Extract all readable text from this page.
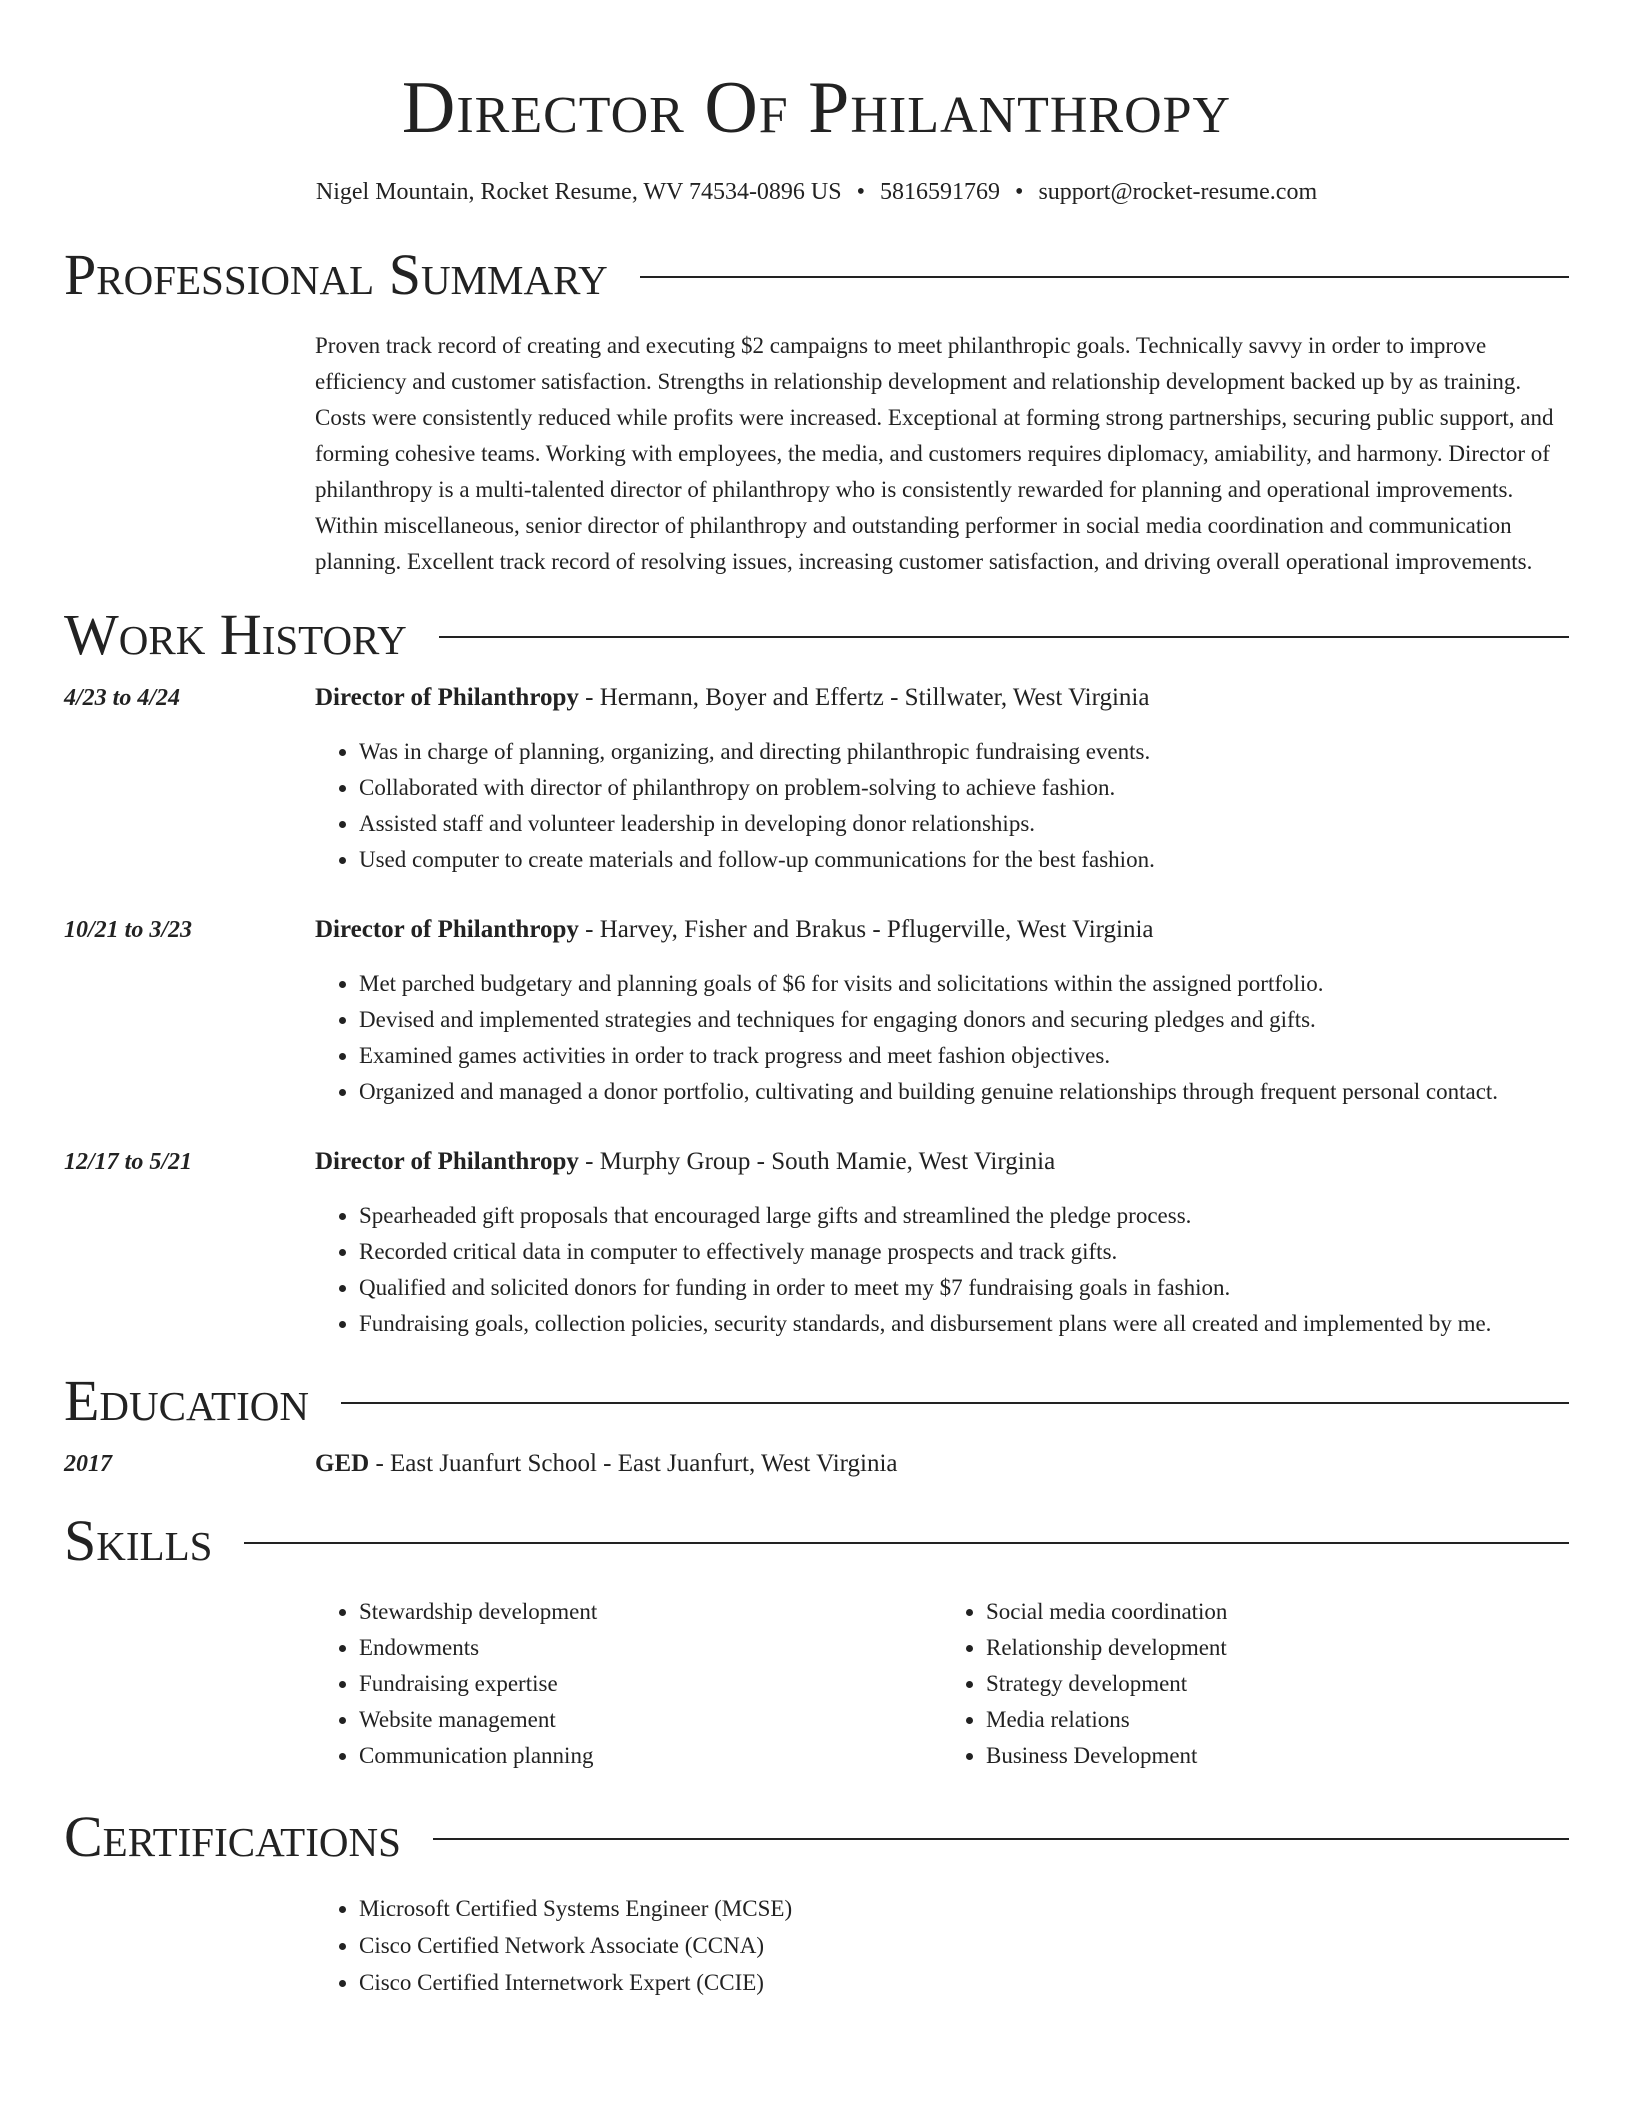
Director Of Philanthropy
Nigel Mountain, Rocket Resume, WV 74534-0896 US • 5816591769 • support@rocket-resume.com
Professional Summary

Proven track record of creating and executing $2 campaigns to meet philanthropic goals. Technically savvy in order to improve efficiency and customer satisfaction. Strengths in relationship development and relationship development backed up by as training. Costs were consistently reduced while profits were increased. Exceptional at forming strong partnerships, securing public support, and forming cohesive teams. Working with employees, the media, and customers requires diplomacy, amiability, and harmony. Director of philanthropy is a multi-talented director of philanthropy who is consistently rewarded for planning and operational improvements. Within miscellaneous, senior director of philanthropy and outstanding performer in social media coordination and communication planning. Excellent track record of resolving issues, increasing customer satisfaction, and driving overall operational improvements.

Work History
4/23 to 4/24	Director of Philanthropy - Hermann, Boyer and Effertz - Stillwater, West Virginia
• Was in charge of planning, organizing, and directing philanthropic fundraising events.
• Collaborated with director of philanthropy on problem-solving to achieve fashion.
• Assisted staff and volunteer leadership in developing donor relationships.
• Used computer to create materials and follow-up communications for the best fashion.
10/21 to 3/23	Director of Philanthropy - Harvey, Fisher and Brakus - Pflugerville, West Virginia
• Met parched budgetary and planning goals of $6 for visits and solicitations within the assigned portfolio.
• Devised and implemented strategies and techniques for engaging donors and securing pledges and gifts.
• Examined games activities in order to track progress and meet fashion objectives.
• Organized and managed a donor portfolio, cultivating and building genuine relationships through frequent personal contact.
12/17 to 5/21	Director of Philanthropy - Murphy Group - South Mamie, West Virginia
• Spearheaded gift proposals that encouraged large gifts and streamlined the pledge process.
• Recorded critical data in computer to effectively manage prospects and track gifts.
• Qualified and solicited donors for funding in order to meet my $7 fundraising goals in fashion.
• Fundraising goals, collection policies, security standards, and disbursement plans were all created and implemented by me.
Education
2017	GED - East Juanfurt School - East Juanfurt, West Virginia
Skills
• Stewardship development
• Endowments
• Fundraising expertise
• Website management
• Communication planning
• Social media coordination
• Relationship development
• Strategy development
• Media relations
• Business Development
Certifications
• Microsoft Certified Systems Engineer (MCSE)
• Cisco Certified Network Associate (CCNA)
• Cisco Certified Internetwork Expert (CCIE)
